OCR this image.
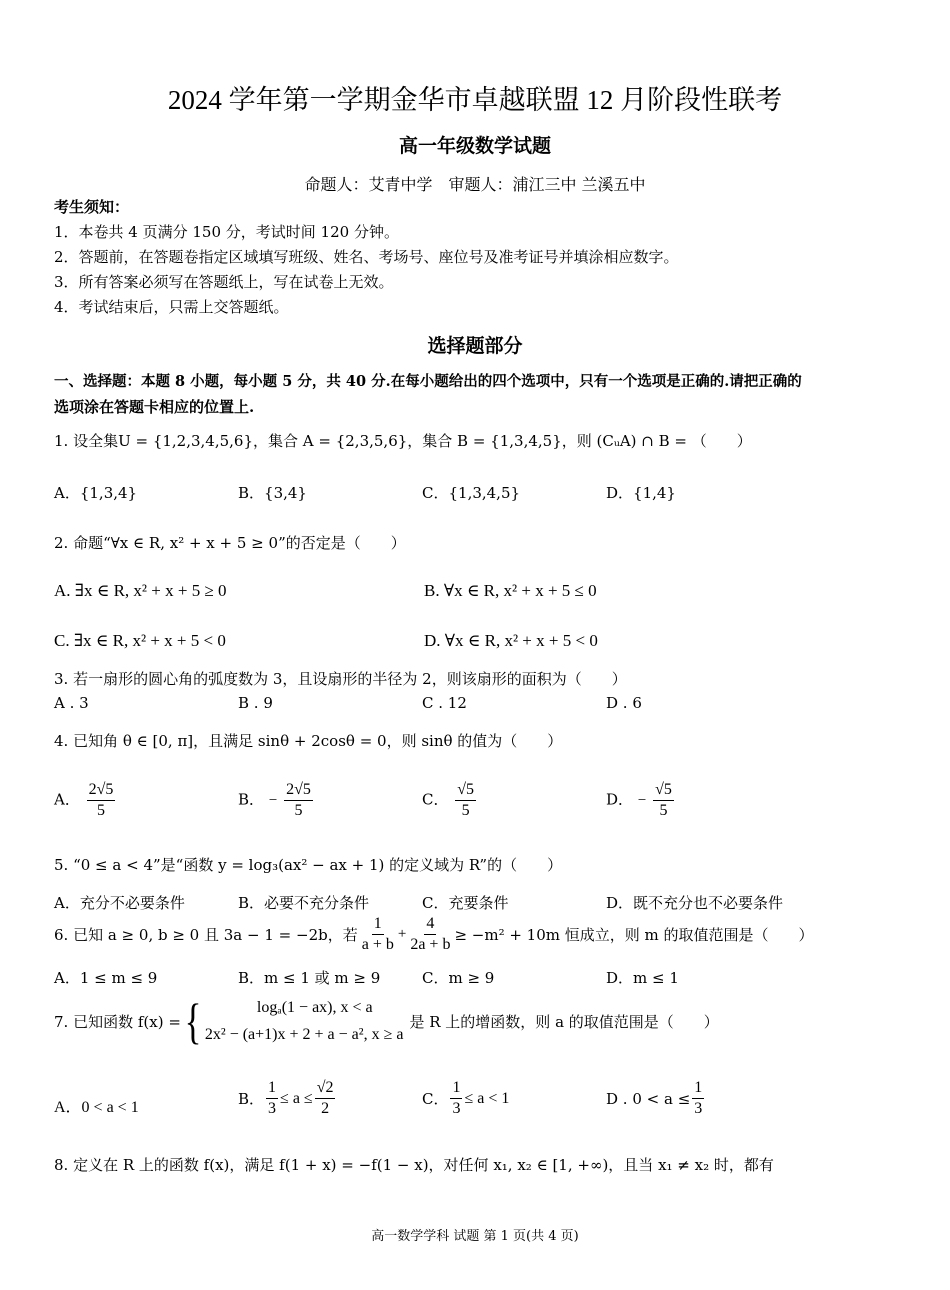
2024 学年第一学期金华市卓越联盟 12 月阶段性联考
高一年级数学试题
命题人：艾青中学　审题人：浦江三中 兰溪五中
考生须知：
1．本卷共 4 页满分 150 分，考试时间 120 分钟。
2．答题前，在答题卷指定区域填写班级、姓名、考场号、座位号及准考证号并填涂相应数字。
3．所有答案必须写在答题纸上，写在试卷上无效。
4．考试结束后，只需上交答题纸。
选择题部分
一、选择题：本题 8 小题，每小题 5 分，共 40 分.在每小题给出的四个选项中，只有一个选项是正确的.请把正确的
选项涂在答题卡相应的位置上.
1. 设全集U = {1,2,3,4,5,6}，集合 A = {2,3,5,6}，集合 B = {1,3,4,5}，则 (CᵤA) ∩ B = （　　）
A．{1,3,4}	B．{3,4}	C．{1,3,4,5}	D．{1,4}
2. 命题“∀x ∈ R, x² + x + 5 ≥ 0”的否定是（　　）
A. ∃x ∈ R, x² + x + 5 ≥ 0	B. ∀x ∈ R, x² + x + 5 ≤ 0
C. ∃x ∈ R, x² + x + 5 < 0	D. ∀x ∈ R, x² + x + 5 < 0
3. 若一扇形的圆心角的弧度数为 3，且设扇形的半径为 2，则该扇形的面积为（　　）
A . 3	B . 9	C . 12	D . 6
4. 已知角 θ ∈ [0, π]，且满足 sinθ + 2cosθ = 0，则 sinθ 的值为（　　）
A． $\frac{2√5}{5}$	B． − $\frac{2√5}{5}$	C． $\frac{√5}{5}$	D． − $\frac{√5}{5}$
5. “0 ≤ a < 4”是“函数 y = log₃(ax² − ax + 1) 的定义域为 R”的（　　）
A．充分不必要条件	B．必要不充分条件	C．充要条件	D．既不充分也不必要条件
6. 已知 a ≥ 0, b ≥ 0 且 3a − 1 = −2b，若 $\frac{1}{a + b} + \frac{4}{2a + b} \ge -m^2 + 10m$ 恒成立，则 m 的取值范围是（　　）
A．1 ≤ m ≤ 9	B．m ≤ 1 或 m ≥ 9	C．m ≥ 9	D．m ≤ 1
7. 已知函数 f(x) = {	logₐ(1 − ax), x < a
2x² − (a+1)x + 2 + a − a², x ≥ a
是 R 上的增函数，则 a 的取值范围是（　　）
A．0 < a < 1	B． $\frac{1}{3} \le a \le \frac{√2}{2}$	C． $\frac{1}{3} \le a < 1$	D . $0 < a \le \frac{1}{3}$
8. 定义在 R 上的函数 f(x)，满足 f(1 + x) = −f(1 − x)，对任何 x₁, x₂ ∈ [1, +∞)，且当 x₁ ≠ x₂ 时，都有
高一数学学科 试题 第 1 页(共 4 页)
